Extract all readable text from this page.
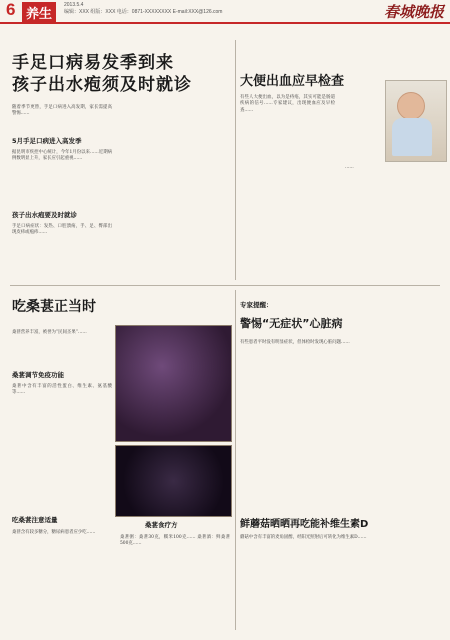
6 养生
2013.5.4
编辑：XXX 组版：XXX 电话：0871-XXXXXXXX E-mail:XXX@126.com	春城晚报
手足口病易发季到来
孩子出水疱须及时就诊
随着季节更替，手足口病进入高发期，家长需提高警惕……
5月手足口病进入高发季
据昆明市疾控中心统计，今年1月份以来……近期病例数明显上升，家长应引起重视……
孩子出水疱要及时就诊
手足口病症状：发热、口腔溃疡，手、足、臀部出现皮疹或疱疹……
大便出血应早检查
有些人大便出血，以为是痔疮，其实可能是肠道疾病的信号……专家建议，出现便血应及早检查……
……
专家提醒：
警惕“无症状”心脏病
有些患者平时没有明显症状，但体检时发现心脏问题……
吃桑葚正当时
桑葚营养丰富，被誉为“民间圣果”……
桑葚调节免疫功能
桑葚中含有丰富的活性蛋白、维生素、氨基酸等……
吃桑葚注意适量
桑葚含有较多糖分，糖尿病患者应少吃……
桑葚食疗方
桑葚粥：桑葚30克，糯米100克…… 桑葚酒：鲜桑葚500克……
鲜蘑菇晒晒再吃能补维生素D
蘑菇中含有丰富的麦角固醇，经阳光照射后可转化为维生素D……
